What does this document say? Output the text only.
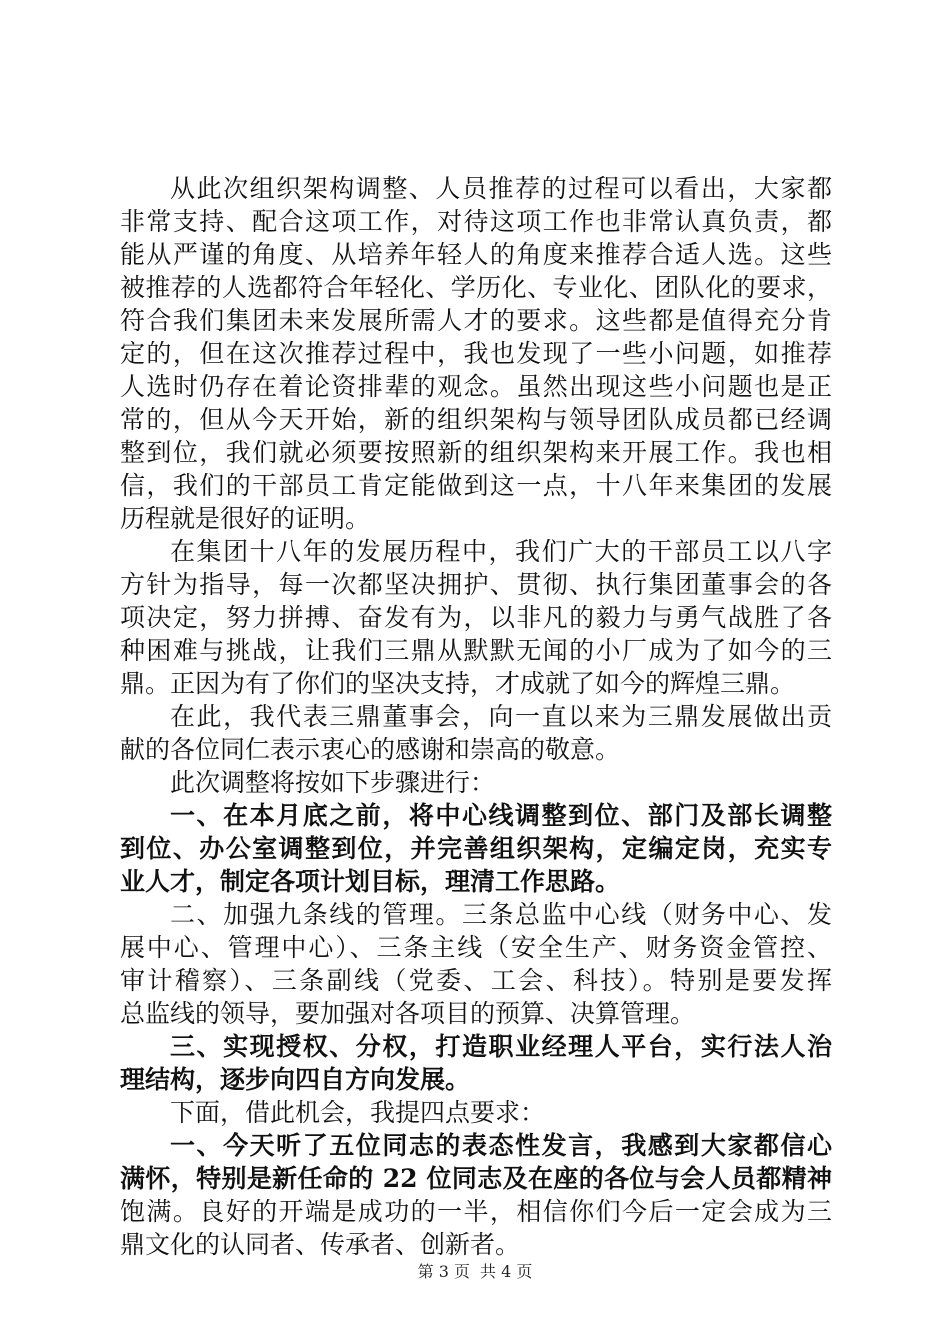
从此次组织架构调整、人员推荐的过程可以看出，大家都
非常支持、配合这项工作，对待这项工作也非常认真负责，都
能从严谨的角度、从培养年轻人的角度来推荐合适人选。这些
被推荐的人选都符合年轻化、学历化、专业化、团队化的要求，
符合我们集团未来发展所需人才的要求。这些都是值得充分肯
定的，但在这次推荐过程中，我也发现了一些小问题，如推荐
人选时仍存在着论资排辈的观念。虽然出现这些小问题也是正
常的，但从今天开始，新的组织架构与领导团队成员都已经调
整到位，我们就必须要按照新的组织架构来开展工作。我也相
信，我们的干部员工肯定能做到这一点，十八年来集团的发展
历程就是很好的证明。
在集团十八年的发展历程中，我们广大的干部员工以八字
方针为指导，每一次都坚决拥护、贯彻、执行集团董事会的各
项决定，努力拼搏、奋发有为，以非凡的毅力与勇气战胜了各
种困难与挑战，让我们三鼎从默默无闻的小厂成为了如今的三
鼎。正因为有了你们的坚决支持，才成就了如今的辉煌三鼎。
在此，我代表三鼎董事会，向一直以来为三鼎发展做出贡
献的各位同仁表示衷心的感谢和崇高的敬意。
此次调整将按如下步骤进行：
一、在本月底之前，将中心线调整到位、部门及部长调整
到位、办公室调整到位，并完善组织架构，定编定岗，充实专
业人才，制定各项计划目标，理清工作思路。
二、加强九条线的管理。三条总监中心线（财务中心、发
展中心、管理中心）、三条主线（安全生产、财务资金管控、
审计稽察）、三条副线（党委、工会、科技）。特别是要发挥
总监线的领导，要加强对各项目的预算、决算管理。
三、实现授权、分权，打造职业经理人平台，实行法人治
理结构，逐步向四自方向发展。
下面，借此机会，我提四点要求：
一、今天听了五位同志的表态性发言，我感到大家都信心
满怀，特别是新任命的 22 位同志及在座的各位与会人员都精神
饱满。良好的开端是成功的一半，相信你们今后一定会成为三
鼎文化的认同者、传承者、创新者。
第 3 页 共 4 页
